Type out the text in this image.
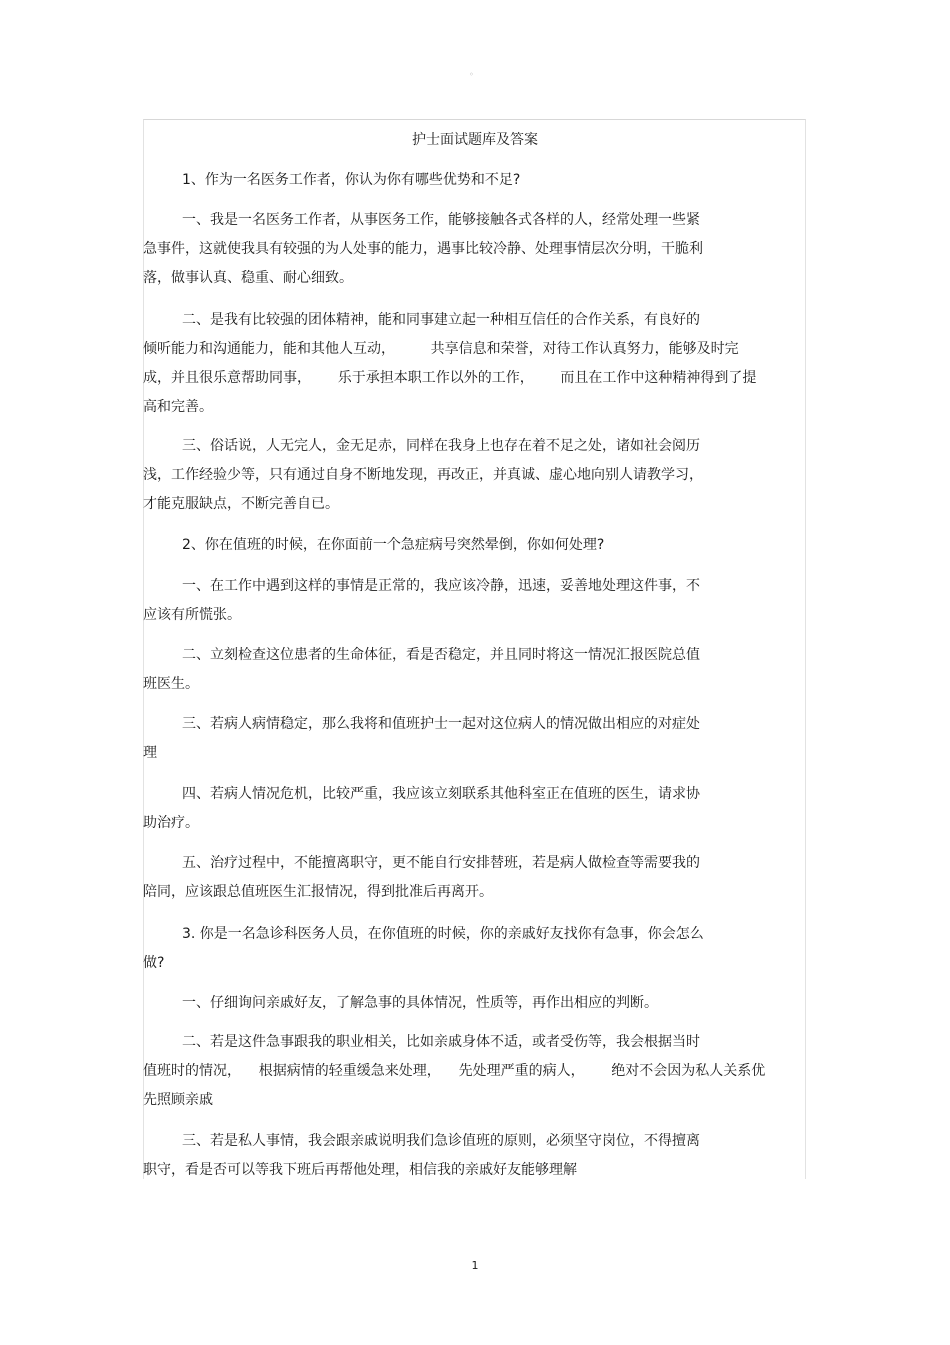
◦
护士面试题库及答案

1、作为一名医务工作者，你认为你有哪些优势和不足?

一、我是一名医务工作者，从事医务工作，能够接触各式各样的人，经常处理一些紧

急事件，这就使我具有较强的为人处事的能力，遇事比较冷静、处理事情层次分明，干脆利

落，做事认真、稳重、耐心细致。

二、是我有比较强的团体精神，能和同事建立起一种相互信任的合作关系，有良好的

倾听能力和沟通能力，能和其他人互动，        共享信息和荣誉，对待工作认真努力，能够及时完

成，并且很乐意帮助同事，      乐于承担本职工作以外的工作，      而且在工作中这种精神得到了提

高和完善。

三、俗话说，人无完人，金无足赤，同样在我身上也存在着不足之处，诸如社会阅历

浅，工作经验少等，只有通过自身不断地发现，再改正，并真诚、虚心地向别人请教学习，

才能克服缺点，不断完善自已。

2、你在值班的时候，在你面前一个急症病号突然晕倒，你如何处理?

一、在工作中遇到这样的事情是正常的，我应该冷静，迅速，妥善地处理这件事，不

应该有所慌张。

二、立刻检查这位患者的生命体征，看是否稳定，并且同时将这一情况汇报医院总值

班医生。

三、若病人病情稳定，那么我将和值班护士一起对这位病人的情况做出相应的对症处

理

四、若病人情况危机，比较严重，我应该立刻联系其他科室正在值班的医生，请求协

助治疗。

五、治疗过程中，不能擅离职守，更不能自行安排替班，若是病人做检查等需要我的

陪同，应该跟总值班医生汇报情况，得到批准后再离开。

3. 你是一名急诊科医务人员，在你值班的时候，你的亲戚好友找你有急事，你会怎么

做?

一、仔细询问亲戚好友，了解急事的具体情况，性质等，再作出相应的判断。

二、若是这件急事跟我的职业相关，比如亲戚身体不适，或者受伤等，我会根据当时

值班时的情况，    根据病情的轻重缓急来处理，    先处理严重的病人，      绝对不会因为私人关系优

先照顾亲戚

三、若是私人事情，我会跟亲戚说明我们急诊值班的原则，必须坚守岗位，不得擅离

职守，看是否可以等我下班后再帮他处理，相信我的亲戚好友能够理解

1
